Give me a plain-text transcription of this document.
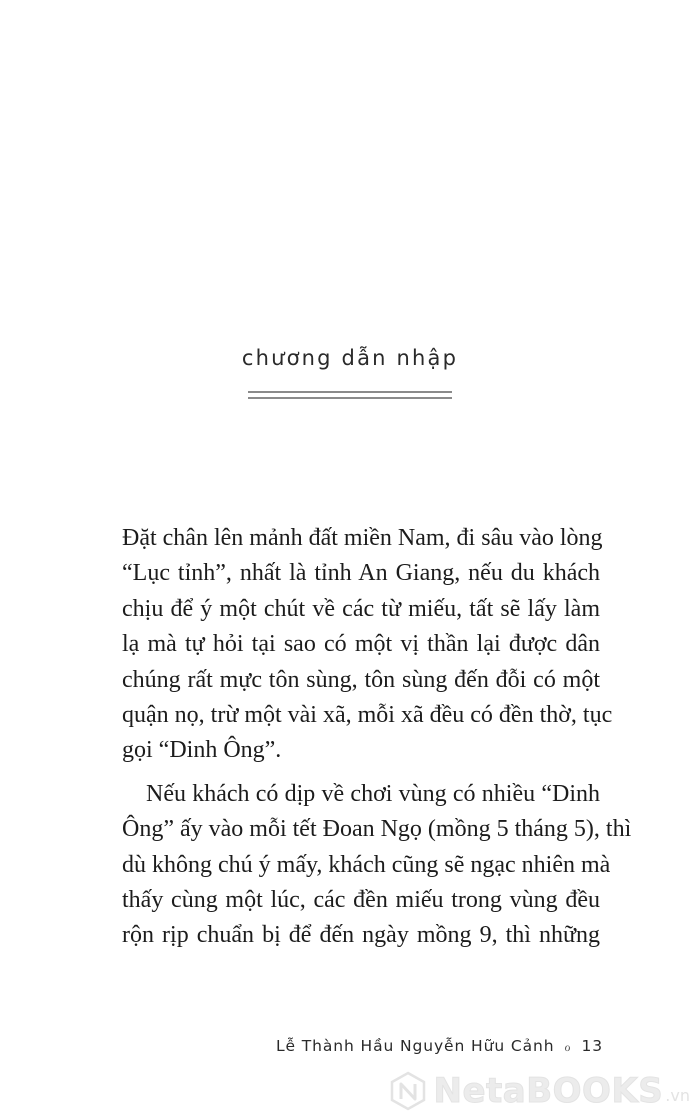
chương dẫn nhập

Đặt chân lên mảnh đất miền Nam, đi sâu vào lòng
“Lục tỉnh”, nhất là tỉnh An Giang, nếu du khách
chịu để ý một chút về các từ miếu, tất sẽ lấy làm
lạ mà tự hỏi tại sao có một vị thần lại được dân
chúng rất mực tôn sùng, tôn sùng đến đỗi có một
quận nọ, trừ một vài xã, mỗi xã đều có đền thờ, tục
gọi “Dinh Ông”.

Nếu khách có dịp về chơi vùng có nhiều “Dinh
Ông” ấy vào mỗi tết Đoan Ngọ (mồng 5 tháng 5), thì
dù không chú ý mấy, khách cũng sẽ ngạc nhiên mà
thấy cùng một lúc, các đền miếu trong vùng đều
rộn rịp chuẩn bị để đến ngày mồng 9, thì những

Lễ Thành Hầu Nguyễn Hữu Cảnh ℴ 13
NetaBOOKS .vn
